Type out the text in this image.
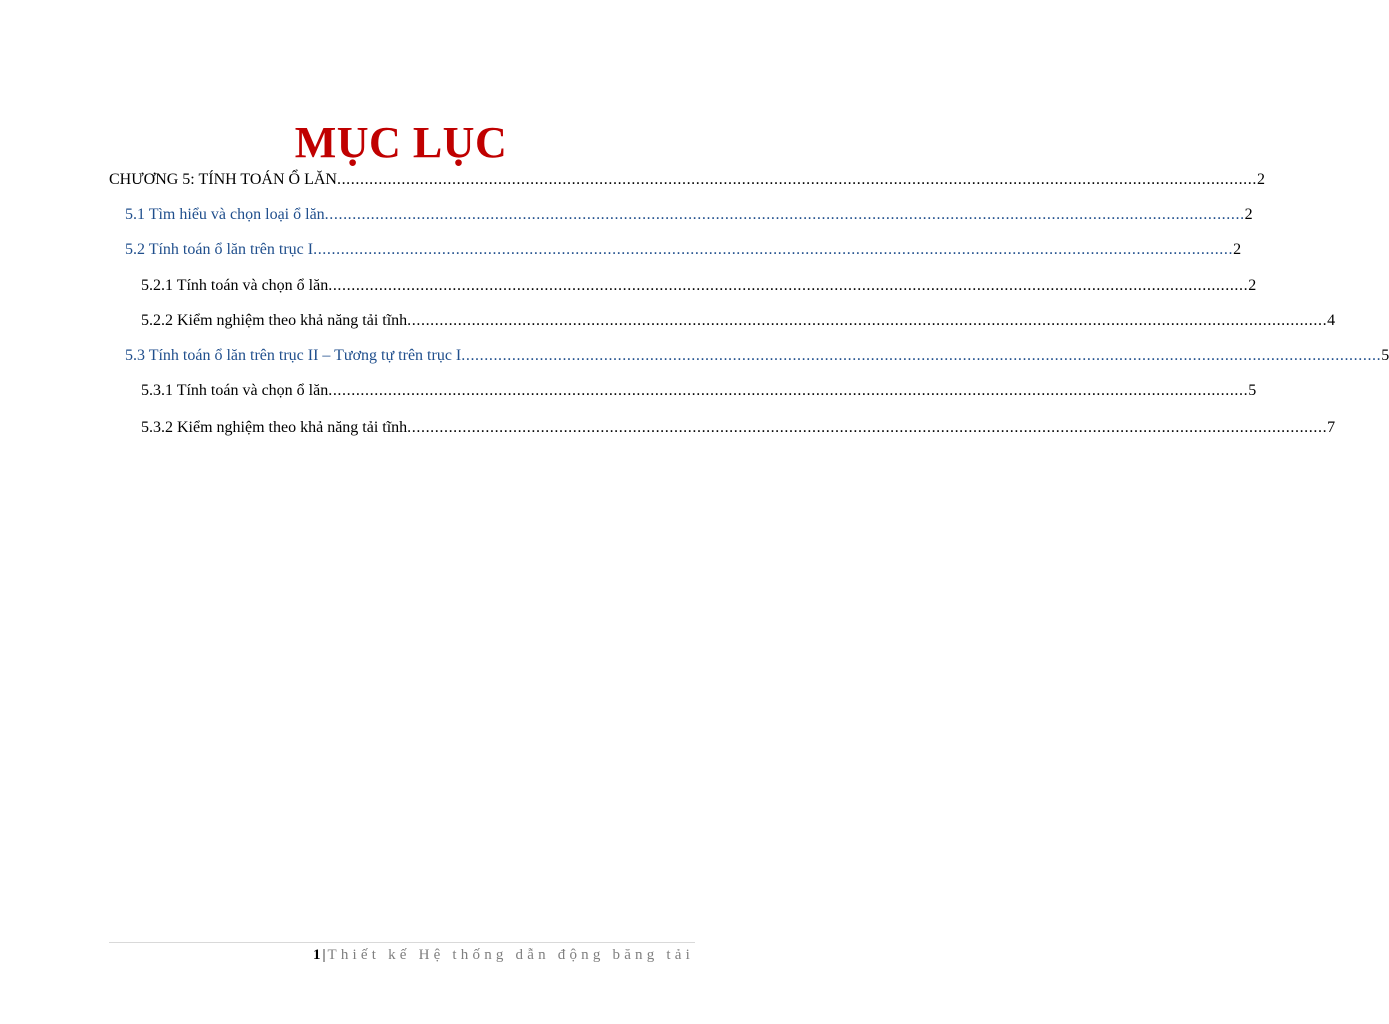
MỤC LỤC
CHƯƠNG 5: TÍNH TOÁN Ổ LĂN ........................................................................................................................................................................................................ 2
5.1 Tìm hiểu và chọn loại ổ lăn ........................................................................................................................................................................................................ 2
5.2 Tính toán ổ lăn trên trục I ........................................................................................................................................................................................................ 2
5.2.1 Tính toán và chọn ổ lăn ........................................................................................................................................................................................................ 2
5.2.2 Kiểm nghiệm theo khả năng tải tĩnh ........................................................................................................................................................................................................ 4
5.3 Tính toán ổ lăn trên trục II – Tương tự trên trục I ........................................................................................................................................................................................................ 5
5.3.1 Tính toán và chọn ổ lăn ........................................................................................................................................................................................................ 5
5.3.2 Kiểm nghiệm theo khả năng tải tĩnh ........................................................................................................................................................................................................ 7
1 | Thiết kế Hệ thống dẫn động băng tải
